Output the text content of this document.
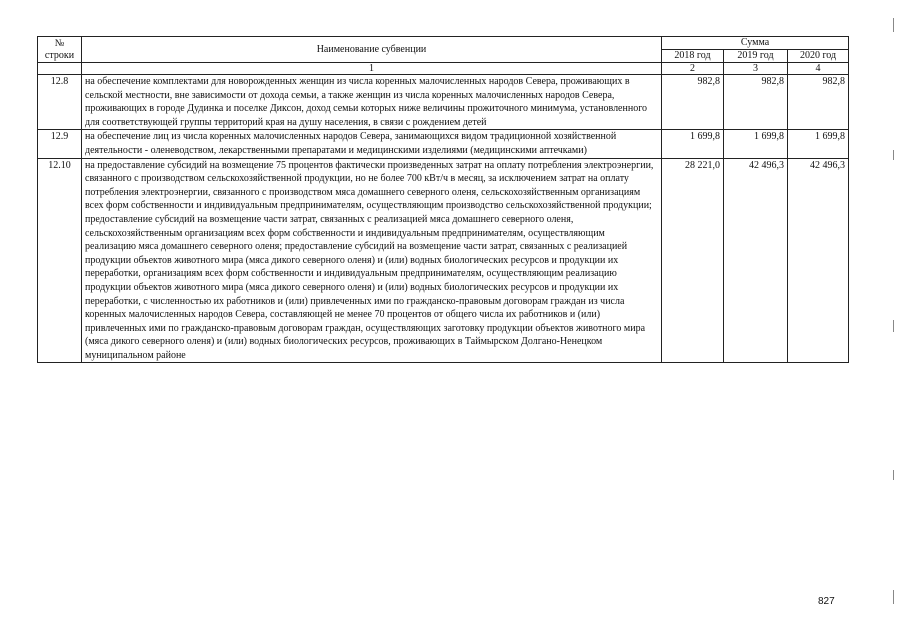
№
строки	Наименование субвенции	Сумма		
		2018 год	2019 год	2020 год
	1	2	3	4
12.8	на обеспечение комплектами для новорожденных женщин из числа коренных малочисленных народов Севера, проживающих в сельской местности, вне зависимости от дохода семьи, а также женщин из числа коренных малочисленных народов Севера, проживающих в городе Дудинка и поселке Диксон, доход семьи которых ниже величины прожиточного минимума, установленного для соответствующей группы территорий края на душу населения, в связи с рождением детей	982,8	982,8	982,8
12.9	на обеспечение лиц из числа коренных малочисленных народов Севера, занимающихся видом традиционной хозяйственной деятельности - оленеводством, лекарственными препаратами и медицинскими изделиями (медицинскими аптечками)	1 699,8	1 699,8	1 699,8
12.10	на предоставление субсидий на возмещение 75 процентов фактически произведенных затрат на оплату потребления электроэнергии, связанного с производством сельскохозяйственной продукции, но не более 700 кВт/ч в месяц, за исключением затрат на оплату потребления электроэнергии, связанного с производством мяса домашнего северного оленя, сельскохозяйственным организациям всех форм собственности и индивидуальным предпринимателям, осуществляющим производство сельскохозяйственной продукции; предоставление субсидий на возмещение части затрат, связанных с реализацией мяса домашнего северного оленя, сельскохозяйственным организациям всех форм собственности и индивидуальным предпринимателям, осуществляющим реализацию мяса домашнего северного оленя; предоставление субсидий на возмещение части затрат, связанных с реализацией продукции объектов животного мира (мяса дикого северного оленя) и (или) водных биологических ресурсов и продукции их переработки, организациям всех форм собственности и индивидуальным предпринимателям, осуществляющим реализацию продукции объектов животного мира (мяса дикого северного оленя) и (или) водных биологических ресурсов и продукции их переработки, с численностью их работников и (или) привлеченных ими по гражданско-правовым договорам граждан из числа коренных малочисленных народов Севера, составляющей не менее 70 процентов от общего числа их работников и (или) привлеченных ими по гражданско-правовым договорам граждан, осуществляющих заготовку продукции объектов животного мира (мяса дикого северного оленя) и (или) водных биологических ресурсов, проживающих в Таймырском Долгано-Ненецком муниципальном районе	28 221,0	42 496,3	42 496,3
827
